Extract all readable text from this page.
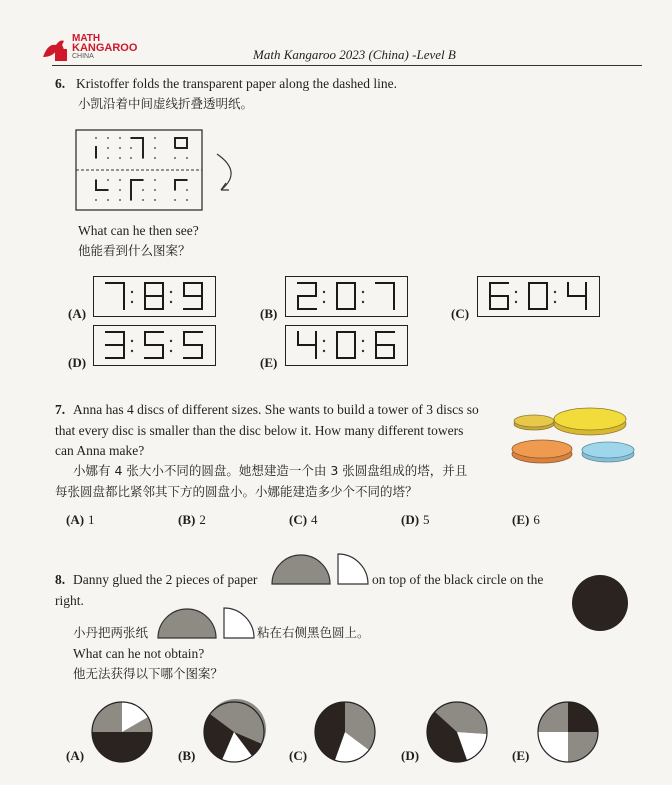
MATH
KANGAROO
CHINA	Math Kangaroo 2023 (China) -Level B
6. Kristoffer folds the transparent paper along the dashed line.
小凯沿着中间虚线折叠透明纸。
What can he then see?
他能看到什么图案？
(A)	(B)	(C)
(D)	(E)
7. Anna has 4 discs of different sizes. She wants to build a tower of 3 discs so
that every disc is smaller than the disc below it. How many different towers
can Anna make?
小娜有 4 张大小不同的圆盘。她想建造一个由 3 张圆盘组成的塔，并且
每张圆盘都比紧邻其下方的圆盘小。小娜能建造多少个不同的塔？
(A) 1	(B) 2	(C) 4	(D) 5	(E) 6
8. Danny glued the 2 pieces of paper	on top of the black circle on the
right.
小丹把两张纸	粘在右侧黑色圆上。
What can he not obtain?
他无法获得以下哪个图案？
(A)	(B)	(C)	(D)	(E)
